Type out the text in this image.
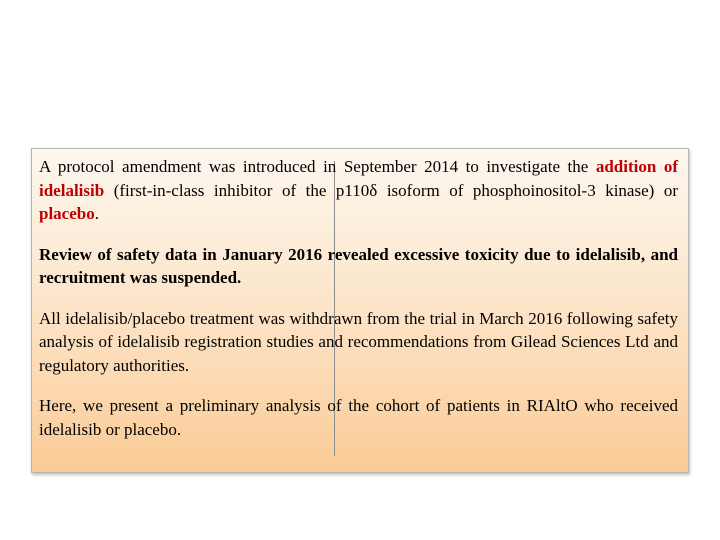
A protocol amendment was introduced in September 2014 to investigate the addition of idelalisib (first-in-class inhibitor of the p110δ isoform of phosphoinositol-3 kinase) or placebo.

Review of safety data in January 2016 revealed excessive toxicity due to idelalisib, and recruitment was suspended.

All idelalisib/placebo treatment was withdrawn from the trial in March 2016 following safety analysis of idelalisib registration studies and recommendations from Gilead Sciences Ltd and regulatory authorities.

Here, we present a preliminary analysis of the cohort of patients in RIAltO who received idelalisib or placebo.
